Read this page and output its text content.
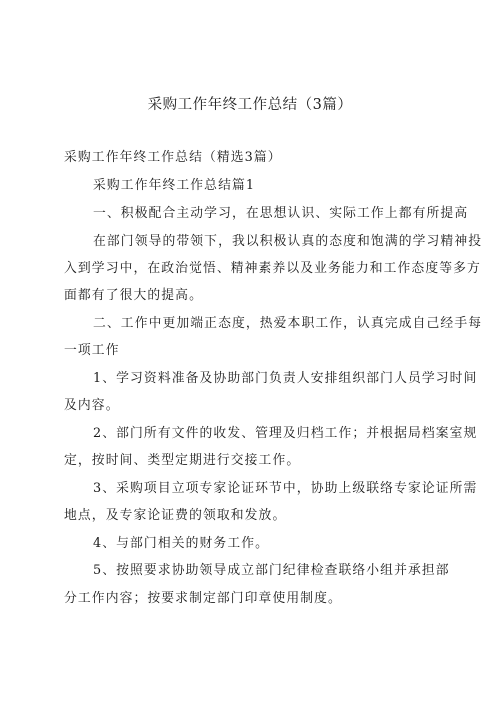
采购工作年终工作总结（3篇）
采购工作年终工作总结（精选3篇）
采购工作年终工作总结篇1
一、积极配合主动学习，在思想认识、实际工作上都有所提高
在部门领导的带领下，我以积极认真的态度和饱满的学习精神投
入到学习中，在政治觉悟、精神素养以及业务能力和工作态度等多方
面都有了很大的提高。
二、工作中更加端正态度，热爱本职工作，认真完成自己经手每
一项工作
1、学习资料准备及协助部门负责人安排组织部门人员学习时间
及内容。
2、部门所有文件的收发、管理及归档工作；并根据局档案室规
定，按时间、类型定期进行交接工作。
3、采购项目立项专家论证环节中，协助上级联络专家论证所需
地点，及专家论证费的领取和发放。
4、与部门相关的财务工作。
5、按照要求协助领导成立部门纪律检查联络小组并承担部
分工作内容；按要求制定部门印章使用制度。
